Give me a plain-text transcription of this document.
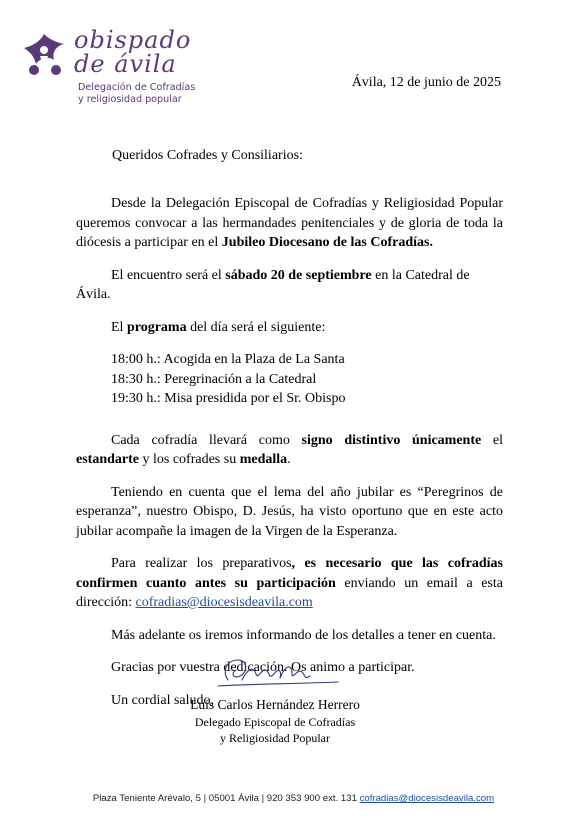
obispado de ávila
Delegación de Cofradías
y religiosidad popular
Ávila, 12 de junio de 2025
Queridos Cofrades y Consiliarios:

Desde la Delegación Episcopal de Cofradías y Religiosidad Popular queremos convocar a las hermandades penitenciales y de gloria de toda la diócesis a participar en el Jubileo Diocesano de las Cofradías.

El encuentro será el sábado 20 de septiembre en la Catedral de Ávila.

El programa del día será el siguiente:

18:00 h.: Acogida en la Plaza de La Santa
18:30 h.: Peregrinación a la Catedral
19:30 h.: Misa presidida por el Sr. Obispo

Cada cofradía llevará como signo distintivo únicamente el estandarte y los cofrades su medalla.

Teniendo en cuenta que el lema del año jubilar es “Peregrinos de esperanza”, nuestro Obispo, D. Jesús, ha visto oportuno que en este acto jubilar acompañe la imagen de la Virgen de la Esperanza.

Para realizar los preparativos, es necesario que las cofradías confirmen cuanto antes su participación enviando un email a esta dirección: cofradias@diocesisdeavila.com

Más adelante os iremos informando de los detalles a tener en cuenta.

Gracias por vuestra dedicación. Os animo a participar.

Un cordial saludo,

Luis Carlos Hernández Herrero
Delegado Episcopal de Cofradías
y Religiosidad Popular
Plaza Teniente Arévalo, 5 | 05001 Ávila | 920 353 900 ext. 131 cofradias@diocesisdeavila.com
